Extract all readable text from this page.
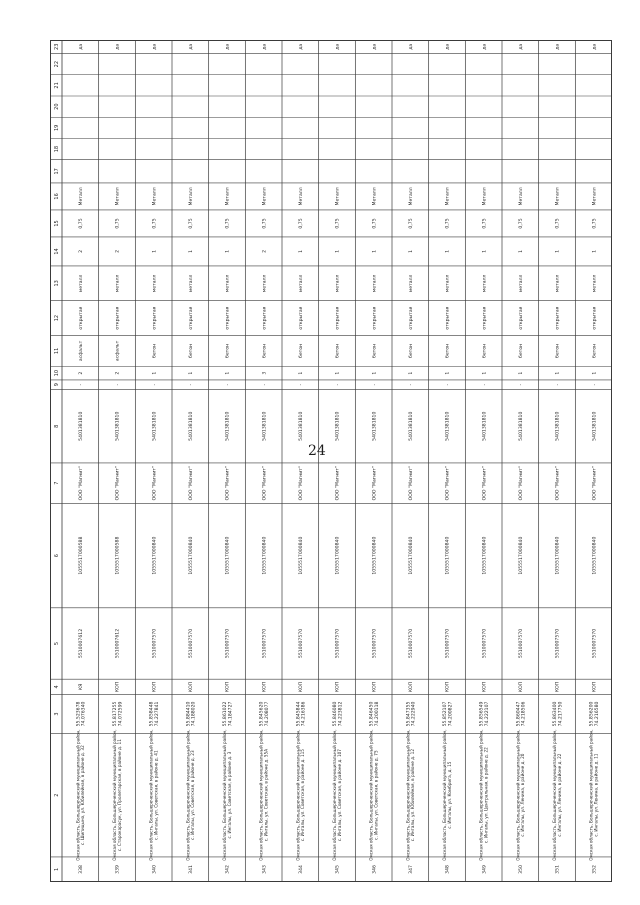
24
1
2
3
4
5
6
7
8
9
10
11
12
13
14
15
16
17
18
19
20
21
22
23
338
Омская область, Большереченский муниципальный район,с. Шипицыно, ул. Юбилейная, в районе д. 32
55.52367874.076340
КЯ
5510007612
1055517000588
ООО "Магнит"
5401381810
-
2
асфальт
открытая
металл
2
0,75
Металл
да
339
Омская область, Большереченский муниципальный район,с. Старокарасук, ул. Пролетарская, в районе д. 11
55.81725574.072599
КОП
5510007612
1055517000588
ООО "Магнит"
5401381810
-
2
асфальт
открытая
металл
2
0,75
Металл
да
340
Омская область, Большереченский муниципальный район,с. Ингалы, ул. Советская, в районе д. 41
55.85844874.227841
КОП
5510007570
1055517000840
ООО "Магнит"
5401381810
-
1
бетон
открытая
металл
1
0,75
Металл
да
341
Омская область, Большереченский муниципальный район,с. Ингалы, ул. Советская, в районе д. 23
55.88441074.188020
КОП
5510007570
1055517000840
ООО "Магнит"
5401381810
-
1
бетон
открытая
металл
1
0,75
Металл
да
342
Омская область, Большереченский муниципальный район,с. Ингалы, ул. Советская, в районе д. 3
55.86102274.184727
КОП
5510007570
1055517000840
ООО "Магнит"
5401381810
-
1
бетон
открытая
металл
1
0,75
Металл
да
343
Омская область, Большереченский муниципальный район,с. Ингалы, ул. Советская, в районе д. 55А
55.84562074.208077
КОП
5510007570
1055517000840
ООО "Магнит"
5401381810
-
3
бетон
открытая
металл
2
0,75
Металл
да
344
Омская область, Большереченский муниципальный район,с. Ингалы, ул. Советская, в районе д. 115
55.84584474.216386
КОП
5510007570
1055517000840
ООО "Магнит"
5401381810
-
1
бетон
открытая
металл
1
0,75
Металл
да
345
Омская область, Большереченский муниципальный район,с. Ингалы, ул. Советская, в районе д. 107
55.84608074.223812
КОП
5510007570
1055517000840
ООО "Магнит"
5401381810
-
1
бетон
открытая
металл
1
0,75
Металл
да
346
Омская область, Большереченский муниципальный район,с. Ингалы, ул. Советская, в районе д. 75
55.84645074.200118
КОП
5510007570
1055517000840
ООО "Магнит"
5401381810
-
1
бетон
открытая
металл
1
0,75
Металл
да
347
Омская область, Большереченский муниципальный район,с. Ингалы, ул. Юбилейная, в районе д. 12
55.84735574.222940
КОП
5510007570
1055517000840
ООО "Магнит"
5401381810
-
1
бетон
открытая
металл
1
0,75
Металл
да
348
Омская область, Большереченский муниципальный район,с. Ингалы, ул. Комбрига, д. 15
55.85210774.200827
КОП
5510007570
1055517000840
ООО "Магнит"
5401381810
-
1
бетон
открытая
металл
1
0,75
Металл
да
349
Омская область, Большереченский муниципальный район,с. Ингалы, ул. Центральная, в районе д. 22
55.85654974.222107
КОП
5510007570
1055517000840
ООО "Магнит"
5401381810
-
1
бетон
открытая
металл
1
0,75
Металл
да
350
Омская область, Большереченский муниципальный район,с. Ингалы, ул. Ленина, в районе д. 20
55.86044774.218506
КОП
5510007570
1055517000840
ООО "Магнит"
5401381810
-
1
бетон
открытая
металл
1
0,75
Металл
да
351
Омская область, Большереченский муниципальный район,с. Ингалы, ул. Ленина, в районе д. 22
55.86340074.217750
КОП
5510007570
1055517000840
ООО "Магнит"
5401381810
-
1
бетон
открытая
металл
1
0,75
Металл
да
352
Омская область, Большереченский муниципальный район,с. Ингалы, ул. Ленина, в районе д. 11
55.85620074.216580
КОП
5510007570
1055517000840
ООО "Магнит"
5401381810
-
1
бетон
открытая
металл
1
0,75
Металл
да
